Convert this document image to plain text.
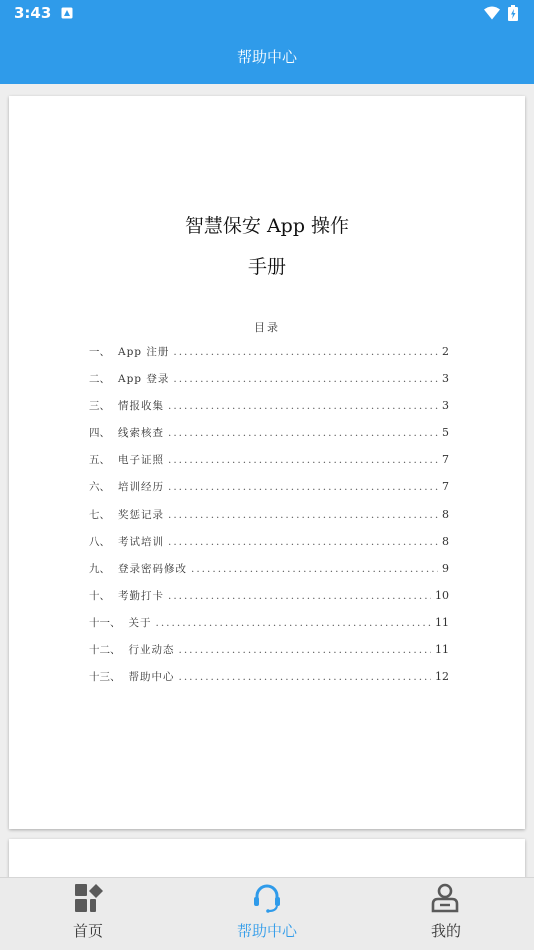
3:43
帮助中心
智慧保安 App 操作
手册
目录
一、 App 注册 .....	2
二、 App 登录 .....	3
三、 情报收集 .....	3
四、 线索核查 .....	5
五、 电子证照 .....	7
六、 培训经历 .....	7
七、 奖惩记录 .....	8
八、 考试培训 .....	8
九、 登录密码修改 .....	9
十、 考勤打卡 .....	10
十一、 关于 .....	11
十二、 行业动态 .....	11
十三、 帮助中心 .....	12
首页	帮助中心	我的
